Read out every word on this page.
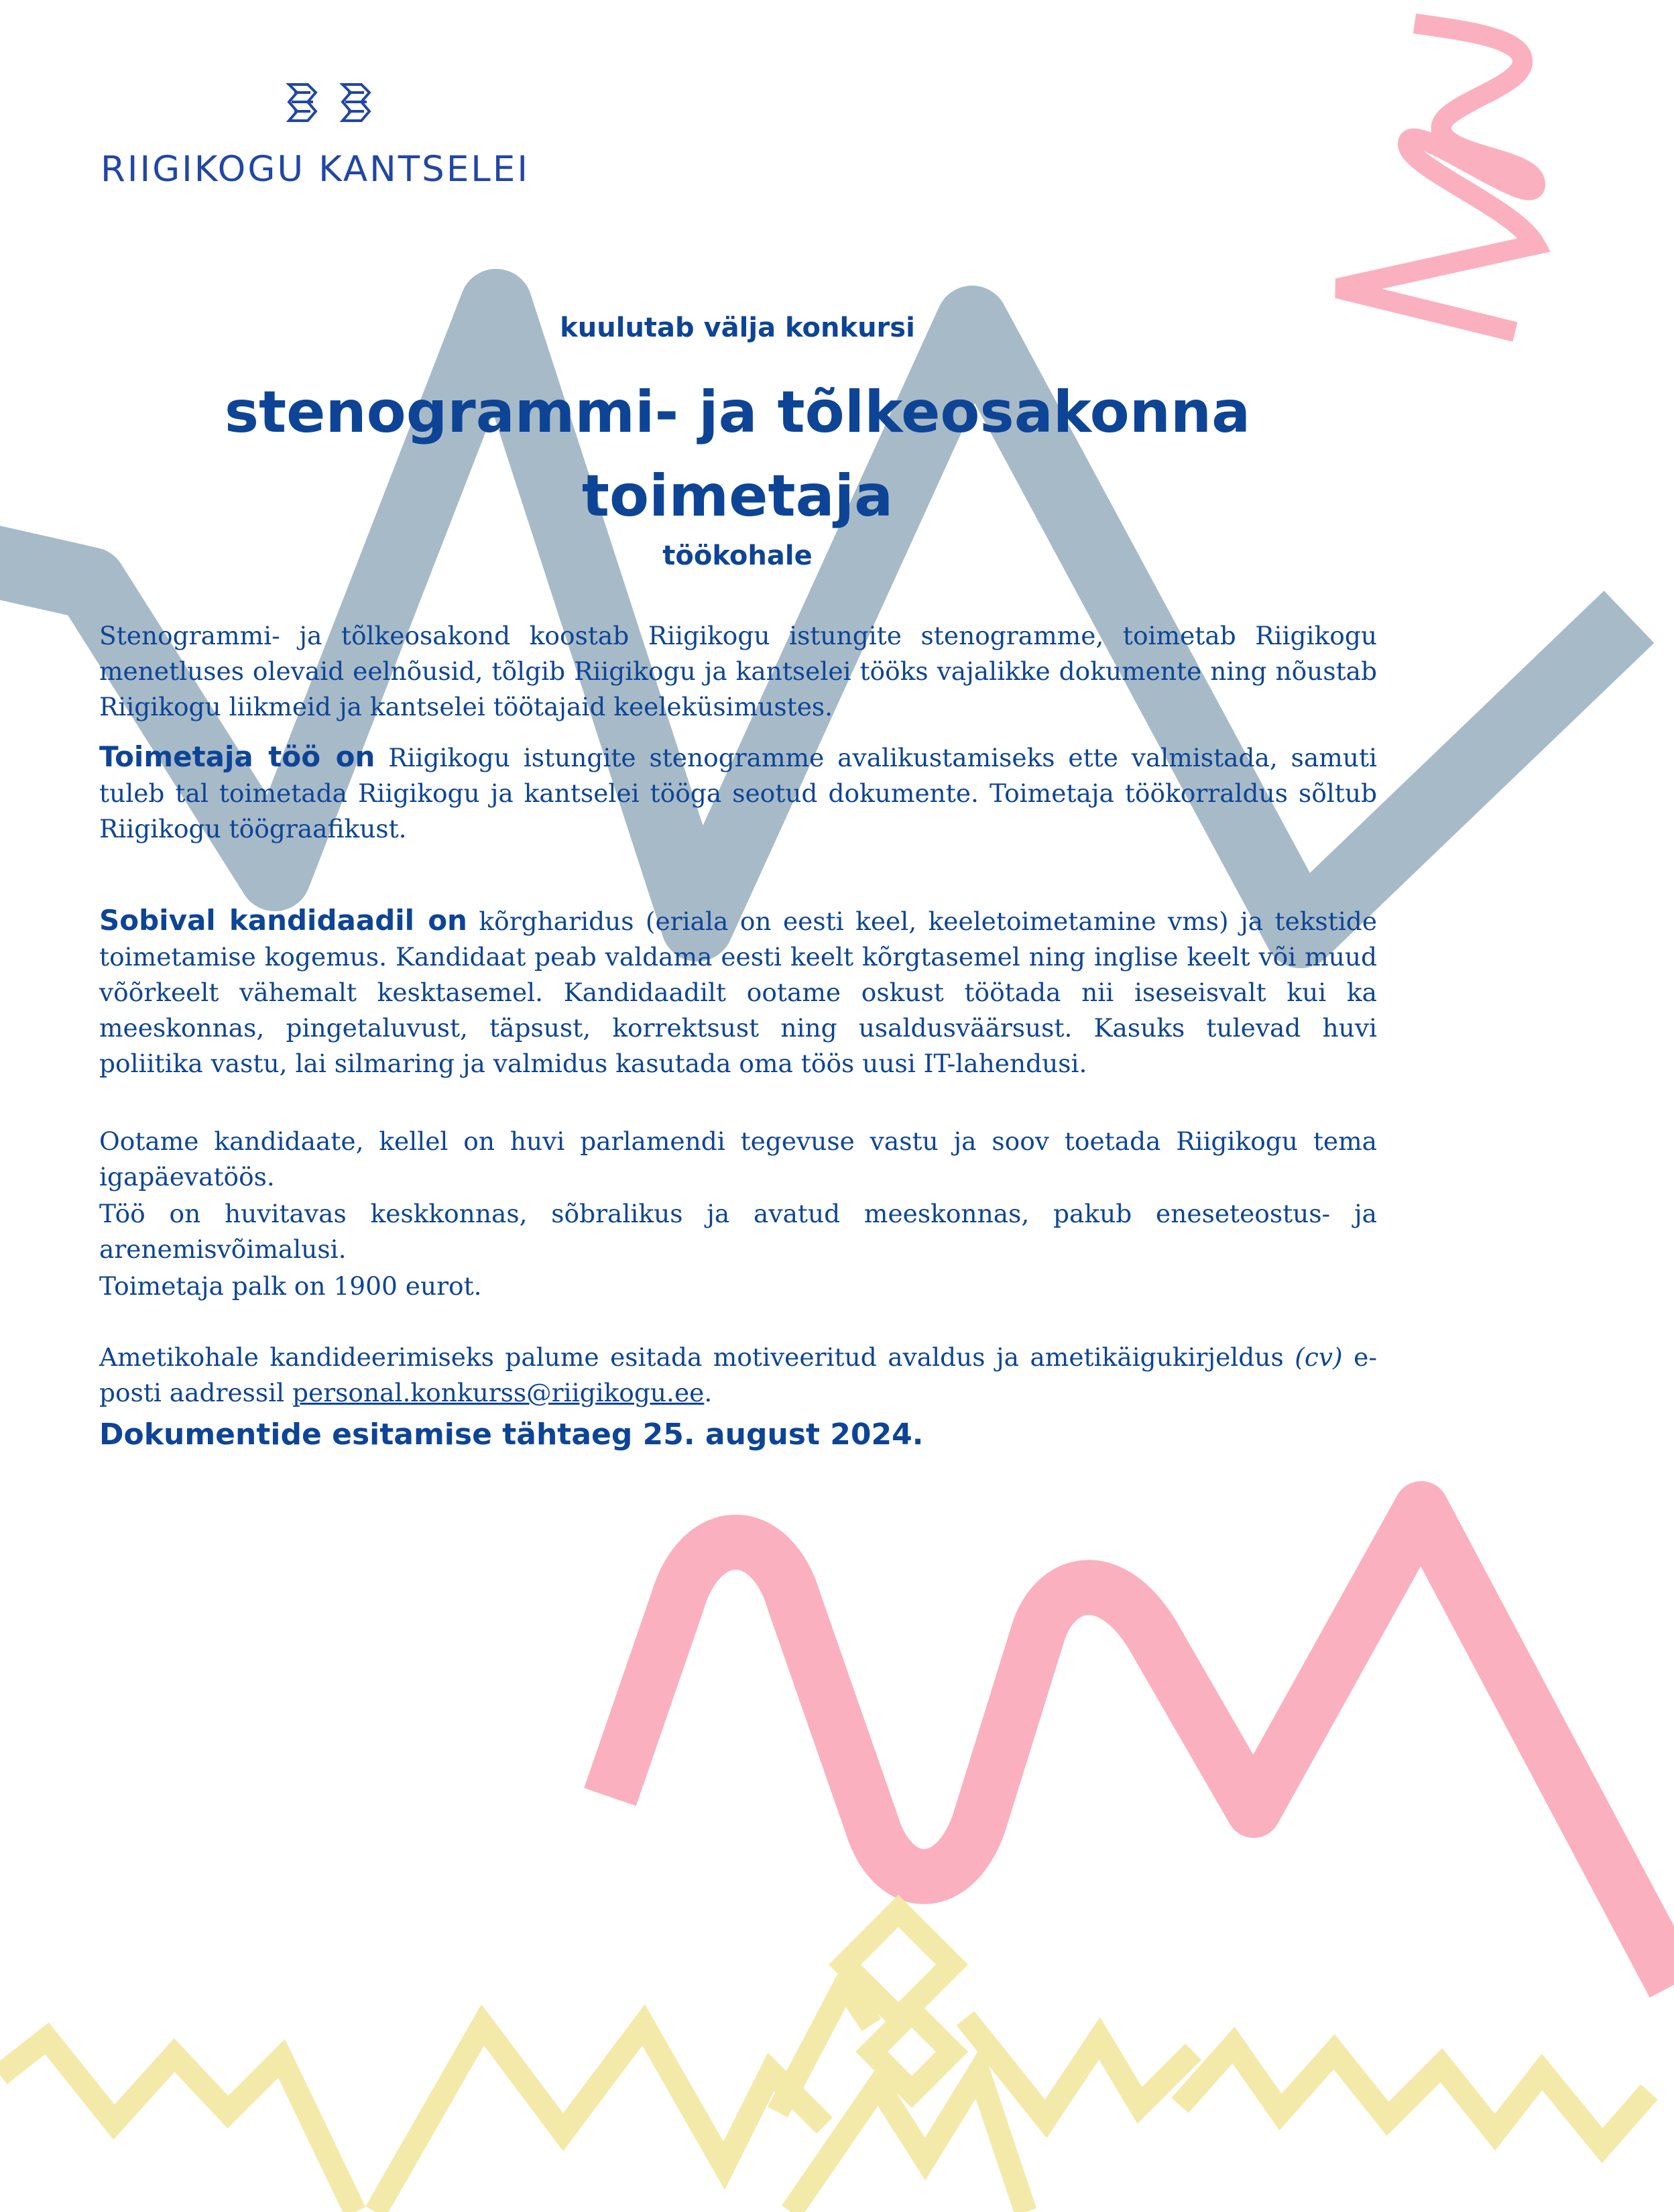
RIIGIKOGU KANTSELEI
kuulutab välja konkursi
stenogrammi- ja tõlkeosakonna
toimetaja
töökohale

Stenogrammi- ja tõlkeosakond koostab Riigikogu istungite stenogramme, toimetab Riigikogu menetluses olevaid eelnõusid, tõlgib Riigikogu ja kantselei tööks vajalikke dokumente ning nõustab Riigikogu liikmeid ja kantselei töötajaid keeleküsimustes.

Toimetaja töö on Riigikogu istungite stenogramme avalikustamiseks ette valmistada, samuti tuleb tal toimetada Riigikogu ja kantselei tööga seotud dokumente. Toimetaja töökorraldus sõltub Riigikogu töögraafikust.

Sobival kandidaadil on kõrgharidus (eriala on eesti keel, keeletoimetamine vms) ja tekstide toimetamise kogemus. Kandidaat peab valdama eesti keelt kõrgtasemel ning inglise keelt või muud võõrkeelt vähemalt kesktasemel. Kandidaadilt ootame oskust töötada nii iseseisvalt kui ka meeskonnas, pingetaluvust, täpsust, korrektsust ning usaldusväärsust. Kasuks tulevad huvi poliitika vastu, lai silmaring ja valmidus kasutada oma töös uusi IT-lahendusi.

Ootame kandidaate, kellel on huvi parlamendi tegevuse vastu ja soov toetada Riigikogu tema igapäevatöös.

Töö on huvitavas keskkonnas, sõbralikus ja avatud meeskonnas, pakub eneseteostus- ja arenemisvõimalusi.

Toimetaja palk on 1900 eurot.

Ametikohale kandideerimiseks palume esitada motiveeritud avaldus ja ametikäigukirjeldus (cv) e-posti aadressil personal.konkurss@riigikogu.ee.

Dokumentide esitamise tähtaeg 25. august 2024.
